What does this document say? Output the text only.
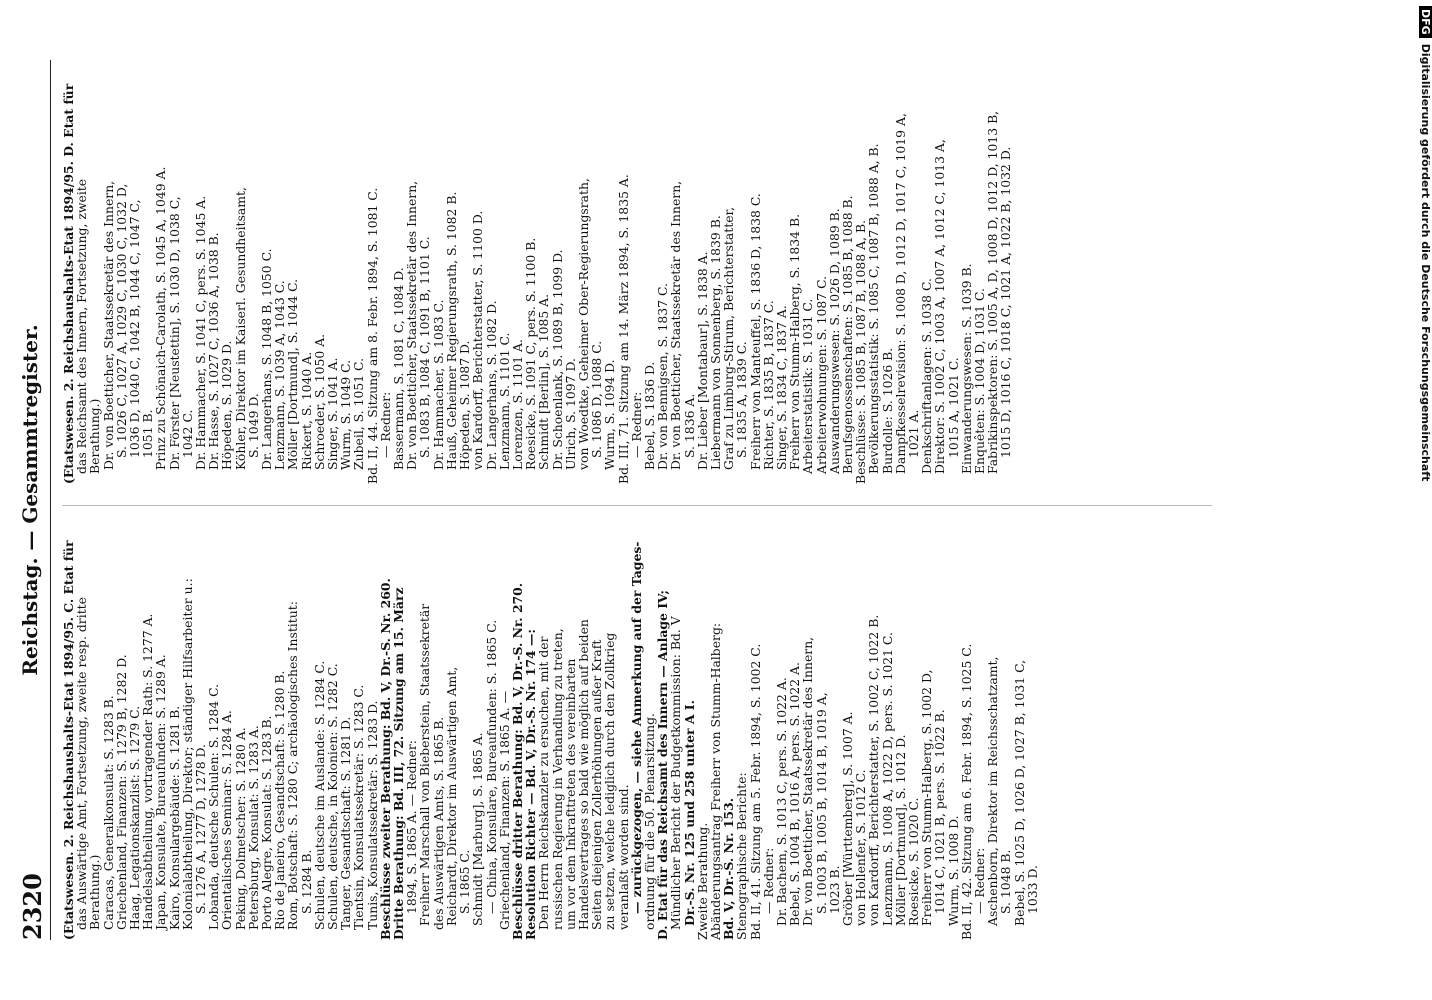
2320
Reichstag. — Gesammtregister.
(Etatswesen. 2. Reichshaushalts-Etat 1894/95. C. Etat für
das Auswärtige Amt, Fortsetzung, zweite resp. dritte
Berathung.)
Caracas, Generalkonsulat: S. 1283 B.
Griechenland, Finanzen: S. 1279 B, 1282 D.
Haag, Legationskanzlist: S. 1279 C.
Handelsabtheilung, vortragender Rath: S. 1277 A.
Japan, Konsulate, Bureaufunden: S. 1289 A.
Kairo, Konsulargebäude: S. 1281 B.
Kolonialabtheilung, Direktor; ständiger Hilfsarbeiter u.:
S. 1276 A, 1277 D, 1278 D.
Lobanda, deutsche Schulen: S. 1284 C.
Orientalisches Seminar: S. 1284 A.
Peking, Dolmetscher: S. 1280 A.
Petersburg, Konsulat: S. 1283 A.
Porto Alegre, Konsulat: S. 1283 B.
Rio de Janeiro, Gesandtschaft: S. 1280 B.
Rom, Botschaft: S. 1280 C; archäologisches Institut:
S. 1284 B.
Schulen, deutsche im Auslande: S. 1284 C.
Schulen, deutsche, in Kolonien: S. 1282 C.
Tanger, Gesandtschaft: S. 1281 D.
Tientsin, Konsulatssekretär: S. 1283 C.
Tunis, Konsulatssekretär: S. 1283 D.
Beschlüsse zweiter Berathung: Bd. V, Dr.-S. Nr. 260.
Dritte Berathung: Bd. III, 72. Sitzung am 15. März
1894, S. 1865 A. — Redner:
Freiherr Marschall von Bieberstein, Staatssekretär
des Auswärtigen Amts, S. 1865 B.
Reichardt, Direktor im Auswärtigen Amt,
S. 1865 C.
Schmidt [Marburg], S. 1865 A.
— China, Konsulare, Bureaufunden: S. 1865 C.
Griechenland, Finanzen: S. 1865 A. —
Beschlüsse dritter Berathung: Bd. V, Dr.-S. Nr. 270.
Resolution Richter — Bd. V, Dr.-S. Nr. 174 —:
Den Herrn Reichskanzler zu ersuchen, mit der
russischen Regierung in Verhandlung zu treten,
um vor dem Inkrafttreten des vereinbarten
Handelsvertrages so bald wie möglich auf beiden
Seiten diejenigen Zollerhöhungen außer Kraft
zu setzen, welche lediglich durch den Zollkrieg
veranlaßt worden sind.
— zurückgezogen, — siehe Anmerkung auf der Tages-
ordnung für die 50. Plenarsitzung.
D. Etat für das Reichsamt des Innern — Anlage IV;
Mündlicher Bericht der Budgetkommission: Bd. V
Dr.-S. Nr. 125 und 258 unter A I.
Zweite Berathung.
Abänderungsantrag Freiherr von Stumm-Halberg:
Bd. V, Dr.-S. Nr. 153.
Stenographische Berichte:
Bd. II, 41. Sitzung am 5. Febr. 1894, S. 1002 C.
— Redner:
Dr. Bachem, S. 1013 C, pers. S. 1022 A.
Bebel, S. 1004 B, 1016 A, pers. S. 1022 A.
Dr. von Boetticher, Staatssekretär des Innern,
S. 1003 B, 1005 B, 1014 B, 1019 A,
1023 B.
Gröber [Württemberg], S. 1007 A.
von Hollenfer, S. 1012 C.
von Kardorff, Berichterstatter, S. 1002 C, 1022 B.
Lenzmann, S. 1008 A, 1022 D, pers. S. 1021 C.
Möller [Dortmund], S. 1012 D.
Roesicke, S. 1020 C.
Freiherr von Stumm-Halberg, S. 1002 D,
1014 C, 1021 B, pers. S. 1022 B.
Wurm, S. 1008 D.
Bd. II, 42. Sitzung am 6. Febr. 1894, S. 1025 C.
— Redner:
Aschenborn, Direktor im Reichsschatzamt,
S. 1048 B.
Bebel, S. 1025 D, 1026 D, 1027 B, 1031 C,
1033 D.
(Etatswesen. 2. Reichshaushalts-Etat 1894/95. D. Etat für
das Reichsamt des Innern, Fortsetzung, zweite
Berathung.)
Dr. von Boetticher, Staatssekretär des Innern,
S. 1026 C, 1027 A, 1029 C, 1030 C, 1032 D,
1036 D, 1040 C, 1042 B, 1044 C, 1047 C,
1051 B.
Prinz zu Schönaich-Carolath, S. 1045 A, 1049 A.
Dr. Förster [Neustettin], S. 1030 D, 1038 C,
1042 C.
Dr. Hammacher, S. 1041 C, pers. S. 1045 A.
Dr. Hasse, S. 1027 C, 1036 A, 1038 B.
Höpeden, S. 1029 D.
Köhler, Direktor im Kaiserl. Gesundheitsamt,
S. 1049 D.
Dr. Langerhans, S. 1048 B, 1050 C.
Lenzmann, S. 1039 A, 1043 C.
Möller [Dortmund], S. 1044 C.
Rickert, S. 1040 A.
Schroeder, S. 1050 A.
Singer, S. 1041 A.
Wurm, S. 1049 C.
Zubeil, S. 1051 C.
Bd. II, 44. Sitzung am 8. Febr. 1894, S. 1081 C.
— Redner:
Bassermann, S. 1081 C, 1084 D.
Dr. von Boetticher, Staatssekretär des Innern,
S. 1083 B, 1084 C, 1091 B, 1101 C.
Dr. Hammacher, S. 1083 C.
Hauß, Geheimer Regierungsrath, S. 1082 B.
Höpeden, S. 1087 D.
von Kardorff, Berichterstatter, S. 1100 D.
Dr. Langerhans, S. 1082 D.
Lenzmann, S. 1101 C.
Lorenzen, S. 1101 A.
Roesicke, S. 1091 C, pers. S. 1100 B.
Schmidt [Berlin], S. 1085 A.
Dr. Schoenlank, S. 1089 B, 1099 D.
Ulrich, S. 1097 D.
von Woedtke, Geheimer Ober-Regierungsrath,
S. 1086 D, 1088 C.
Wurm, S. 1094 D.
Bd. III, 71. Sitzung am 14. März 1894, S. 1835 A.
— Redner:
Bebel, S. 1836 D.
Dr. von Bennigsen, S. 1837 C.
Dr. von Boetticher, Staatssekretär des Innern,
S. 1836 A.
Dr. Lieber [Montabaur], S. 1838 A.
Liebermann von Sonnenberg, S. 1839 B.
Graf zu Limburg-Stirum, Berichterstatter,
S. 1835 A, 1839 C.
Freiherr von Manteuffel, S. 1836 D, 1838 C.
Richter, S. 1835 B, 1837 C.
Singer, S. 1834 C, 1837 A.
Freiherr von Stumm-Halberg, S. 1834 B.
Arbeiterstatistik: S. 1031 C.
Arbeiterwohnungen: S. 1087 C.
Auswanderungswesen: S. 1026 D, 1089 B.
Berufsgenossenschaften: S. 1085 B, 1088 B.
Beschlüsse: S. 1085 B, 1087 B, 1088 A, B.
Bevölkerungsstatistik: S. 1085 C, 1087 B, 1088 A, B.
Burdolle: S. 1026 B.
Dampfkesselrevision: S. 1008 D, 1012 D, 1017 C, 1019 A,
1021 A.
Denkschriftanlagen: S. 1038 C.
Direktor: S. 1002 C, 1003 A, 1007 A, 1012 C, 1013 A,
1015 A, 1021 C.
Einwanderungswesen: S. 1039 B.
Enquêten: S. 1004 D, 1031 C.
Fabrikinspektoren: S. 1005 A, D, 1008 D, 1012 D, 1013 B,
1015 D, 1016 C, 1018 C, 1021 A, 1022 B, 1032 D.
DFGDigitalisierung gefördert durch die Deutsche Forschungsgemeinschaft
